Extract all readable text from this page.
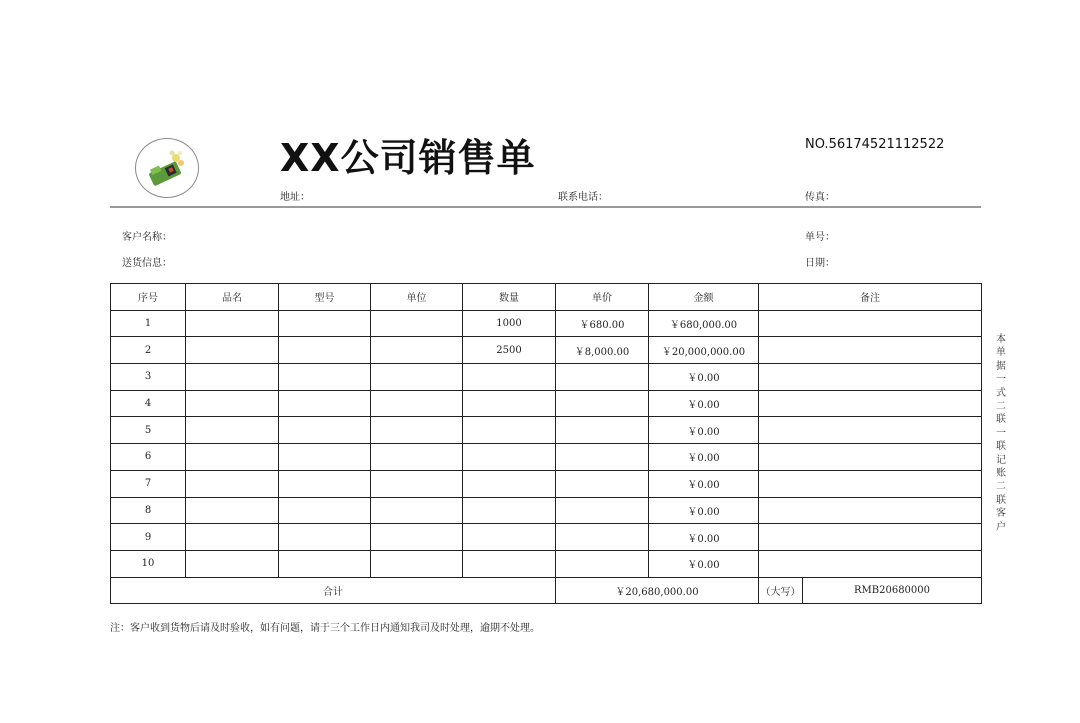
XX公司销售单	NO.56174521112522
地址：	联系电话：	传真：
客户名称：
送货信息：
单号：
日期：
序号	品名	型号	单位	数量	单价	金额	备注	
1				1000	￥680.00	￥680,000.00		
2				2500	￥8,000.00	￥20,000,000.00		
3						￥0.00		
4						￥0.00		
5						￥0.00		
6						￥0.00		
7						￥0.00		
8						￥0.00		
9						￥0.00		
10						￥0.00		
合计					￥20,680,000.00		（大写）	RMB20680000
本单据一式二联 一联记账 二联客户
注：客户收到货物后请及时验收，如有问题，请于三个工作日内通知我司及时处理，逾期不处理。
